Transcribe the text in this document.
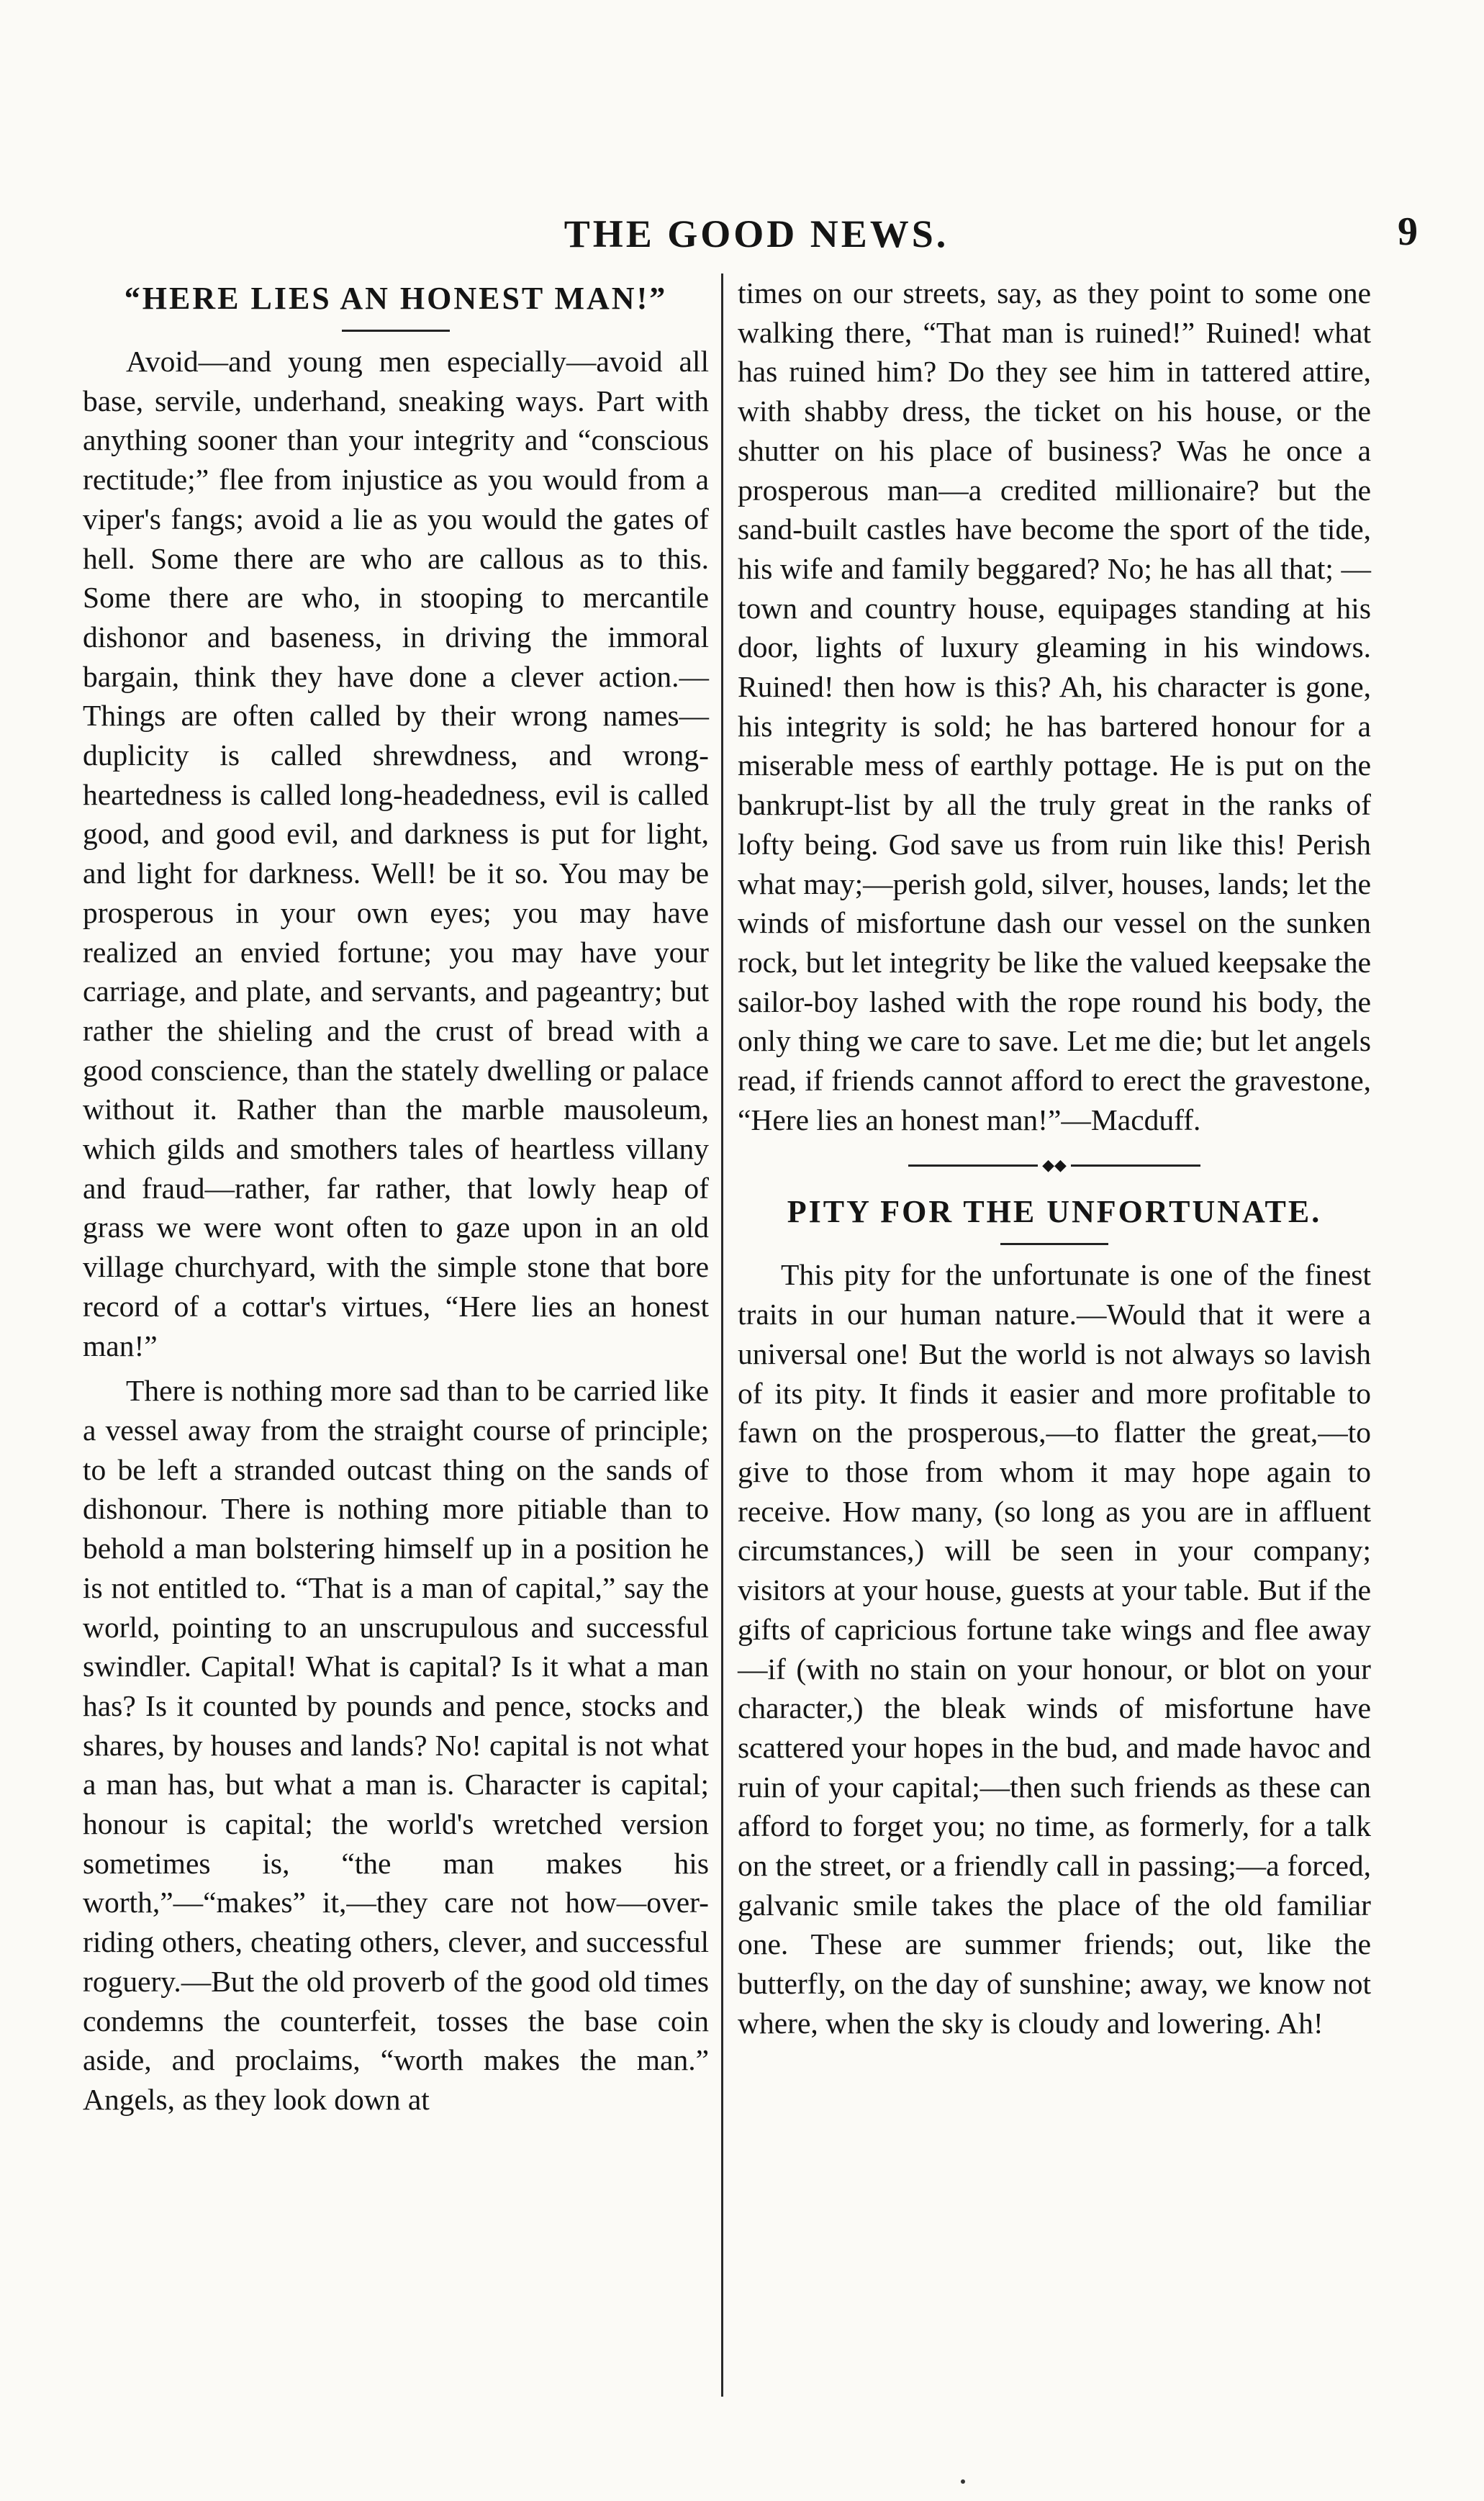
THE GOOD NEWS.	9
“HERE LIES AN HONEST MAN!”

Avoid—and young men especially—avoid all base, servile, underhand, sneaking ways. Part with anything sooner than your integrity and “conscious rectitude;” flee from injustice as you would from a viper's fangs; avoid a lie as you would the gates of hell. Some there are who are callous as to this. Some there are who, in stooping to mercantile dishonor and baseness, in driving the immoral bargain, think they have done a clever action.—Things are often called by their wrong names—duplicity is called shrewdness, and wrong-heartedness is called long-headedness, evil is called good, and good evil, and darkness is put for light, and light for darkness. Well! be it so. You may be prosperous in your own eyes; you may have realized an envied fortune; you may have your carriage, and plate, and servants, and pageantry; but rather the shieling and the crust of bread with a good conscience, than the stately dwelling or palace without it. Rather than the marble mausoleum, which gilds and smothers tales of heartless villany and fraud—rather, far rather, that lowly heap of grass we were wont often to gaze upon in an old village churchyard, with the simple stone that bore record of a cottar's virtues, “Here lies an honest man!”

There is nothing more sad than to be carried like a vessel away from the straight course of principle; to be left a stranded outcast thing on the sands of dishonour. There is nothing more pitiable than to behold a man bolstering himself up in a position he is not entitled to. “That is a man of capital,” say the world, pointing to an unscrupulous and successful swindler. Capital! What is capital? Is it what a man has? Is it counted by pounds and pence, stocks and shares, by houses and lands? No! capital is not what a man has, but what a man is. Character is capital; honour is capital; the world's wretched version sometimes is, “the man makes his worth,”—“makes” it,—they care not how—over-riding others, cheating others, clever, and successful roguery.—But the old proverb of the good old times condemns the counterfeit, tosses the base coin aside, and proclaims, “worth makes the man.” Angels, as they look down at

times on our streets, say, as they point to some one walking there, “That man is ruined!” Ruined! what has ruined him? Do they see him in tattered attire, with shabby dress, the ticket on his house, or the shutter on his place of business? Was he once a prosperous man—a credited millionaire? but the sand-built castles have become the sport of the tide, his wife and family beggared? No; he has all that; —town and country house, equipages standing at his door, lights of luxury gleaming in his windows. Ruined! then how is this? Ah, his character is gone, his integrity is sold; he has bartered honour for a miserable mess of earthly pottage. He is put on the bankrupt-list by all the truly great in the ranks of lofty being. God save us from ruin like this! Perish what may;—perish gold, silver, houses, lands; let the winds of misfortune dash our vessel on the sunken rock, but let integrity be like the valued keepsake the sailor-boy lashed with the rope round his body, the only thing we care to save. Let me die; but let angels read, if friends cannot afford to erect the gravestone, “Here lies an honest man!”—Macduff.

◆◆
PITY FOR THE UNFORTUNATE.

This pity for the unfortunate is one of the finest traits in our human nature.—Would that it were a universal one! But the world is not always so lavish of its pity. It finds it easier and more profitable to fawn on the prosperous,—to flatter the great,—to give to those from whom it may hope again to receive. How many, (so long as you are in affluent circumstances,) will be seen in your company; visitors at your house, guests at your table. But if the gifts of capricious fortune take wings and flee away—if (with no stain on your honour, or blot on your character,) the bleak winds of misfortune have scattered your hopes in the bud, and made havoc and ruin of your capital;—then such friends as these can afford to forget you; no time, as formerly, for a talk on the street, or a friendly call in passing;—a forced, galvanic smile takes the place of the old familiar one. These are summer friends; out, like the butterfly, on the day of sunshine; away, we know not where, when the sky is cloudy and lowering. Ah!
